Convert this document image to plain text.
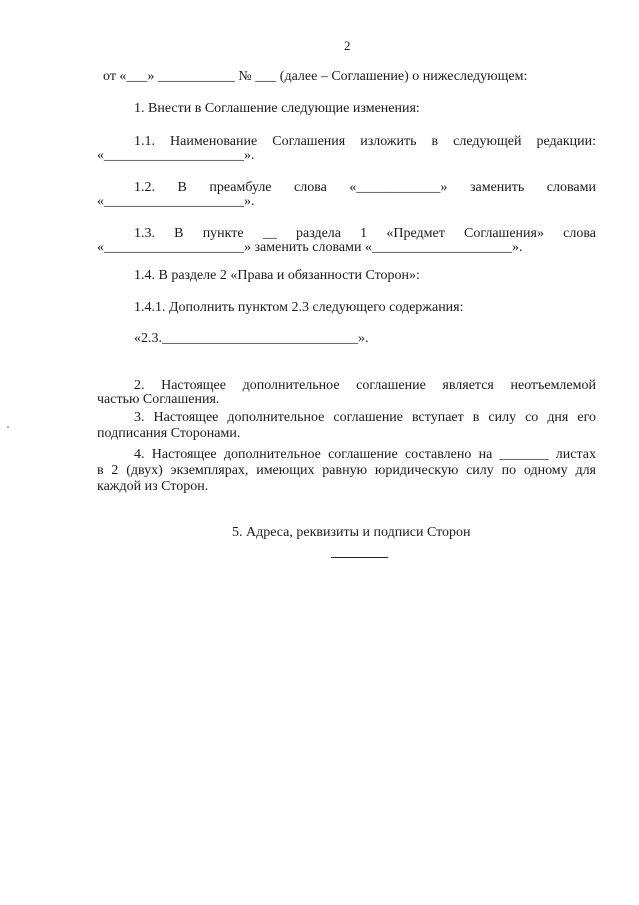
2
от «___» ___________ № ___ (далее – Соглашение) о нижеследующем:
1. Внести в Соглашение следующие изменения:
1.1. Наименование Соглашения изложить в следующей редакции:
«____________________».
1.2. В преамбуле слова «____________» заменить словами
«____________________».
1.3. В пункте __ раздела 1 «Предмет Соглашения» слова
«____________________» заменить словами «____________________».
1.4. В разделе 2 «Права и обязанности Сторон»:
1.4.1. Дополнить пунктом 2.3 следующего содержания:
«2.3.____________________________».
2. Настоящее дополнительное соглашение является неотъемлемой
частью Соглашения.
3. Настоящее дополнительное соглашение вступает в силу со дня его
подписания Сторонами.
4. Настоящее дополнительное соглашение составлено на _______ листах
в 2 (двух) экземплярах, имеющих равную юридическую силу по одному для
каждой из Сторон.
5. Адреса, реквизиты и подписи Сторон
